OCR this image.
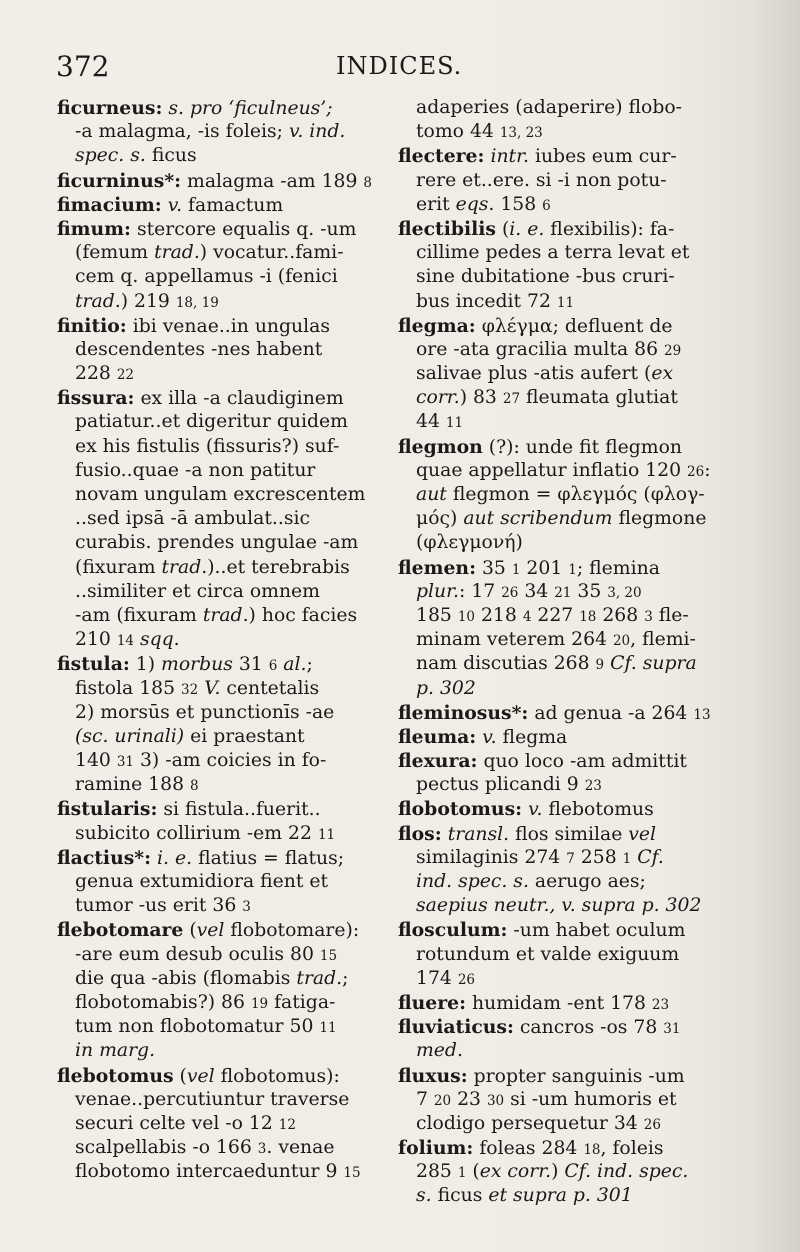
372	INDICES.
ficurneus: s. pro ‘ficulneus’;
-a malagma, -is foleis; v. ind.
spec. s. ficus
ficurninus*: malagma -am 189 8
fimacium: v. famactum
fimum: stercore equalis q. -um
(femum trad.) vocatur..fami-
cem q. appellamus -i (fenici
trad.) 219 18, 19
finitio: ibi venae..in ungulas
descendentes -nes habent
228 22
fissura: ex illa -a claudiginem
patiatur..et digeritur quidem
ex his fistulis (fissuris?) suf-
fusio..quae -a non patitur
novam ungulam excrescentem
..sed ipsā -ā ambulat..sic
curabis. prendes ungulae -am
(fixuram trad.)..et terebrabis
..similiter et circa omnem
-am (fixuram trad.) hoc facies
210 14 sqq.
fistula: 1) morbus 31 6 al.;
fistola 185 32 V. centetalis
2) morsūs et punctionīs -ae
(sc. urinali) ei praestant
140 31 3) -am coicies in fo-
ramine 188 8
fistularis: si fistula..fuerit..
subicito collirium -em 22 11
flactius*: i. e. flatius = flatus;
genua extumidiora fient et
tumor -us erit 36 3
flebotomare (vel flobotomare):
-are eum desub oculis 80 15
die qua -abis (flomabis trad.;
flobotomabis?) 86 19 fatiga-
tum non flobotomatur 50 11
in marg.
flebotomus (vel flobotomus):
venae..percutiuntur traverse
securi celte vel -o 12 12
scalpellabis -o 166 3. venae
flobotomo intercaeduntur 9 15
adaperies (adaperire) flobo-
tomo 44 13, 23
flectere: intr. iubes eum cur-
rere et..ere. si -i non potu-
erit eqs. 158 6
flectibilis (i. e. flexibilis): fa-
cillime pedes a terra levat et
sine dubitatione -bus cruri-
bus incedit 72 11
flegma: φλέγμα; defluent de
ore -ata gracilia multa 86 29
salivae plus -atis aufert (ex
corr.) 83 27 fleumata glutiat
44 11
flegmon (?): unde fit flegmon
quae appellatur inflatio 120 26:
aut flegmon = φλεγμός (φλογ-
μός) aut scribendum flegmone
(φλεγμονή)
flemen: 35 1 201 1; flemina
plur.: 17 26 34 21 35 3, 20
185 10 218 4 227 18 268 3 fle-
minam veterem 264 20, flemi-
nam discutias 268 9 Cf. supra
p. 302
fleminosus*: ad genua -a 264 13
fleuma: v. flegma
flexura: quo loco -am admittit
pectus plicandi 9 23
flobotomus: v. flebotomus
flos: transl. flos similae vel
similaginis 274 7 258 1 Cf.
ind. spec. s. aerugo aes;
saepius neutr., v. supra p. 302
flosculum: -um habet oculum
rotundum et valde exiguum
174 26
fluere: humidam -ent 178 23
fluviaticus: cancros -os 78 31
med.
fluxus: propter sanguinis -um
7 20 23 30 si -um humoris et
clodigo persequetur 34 26
folium: foleas 284 18, foleis
285 1 (ex corr.) Cf. ind. spec.
s. ficus et supra p. 301
